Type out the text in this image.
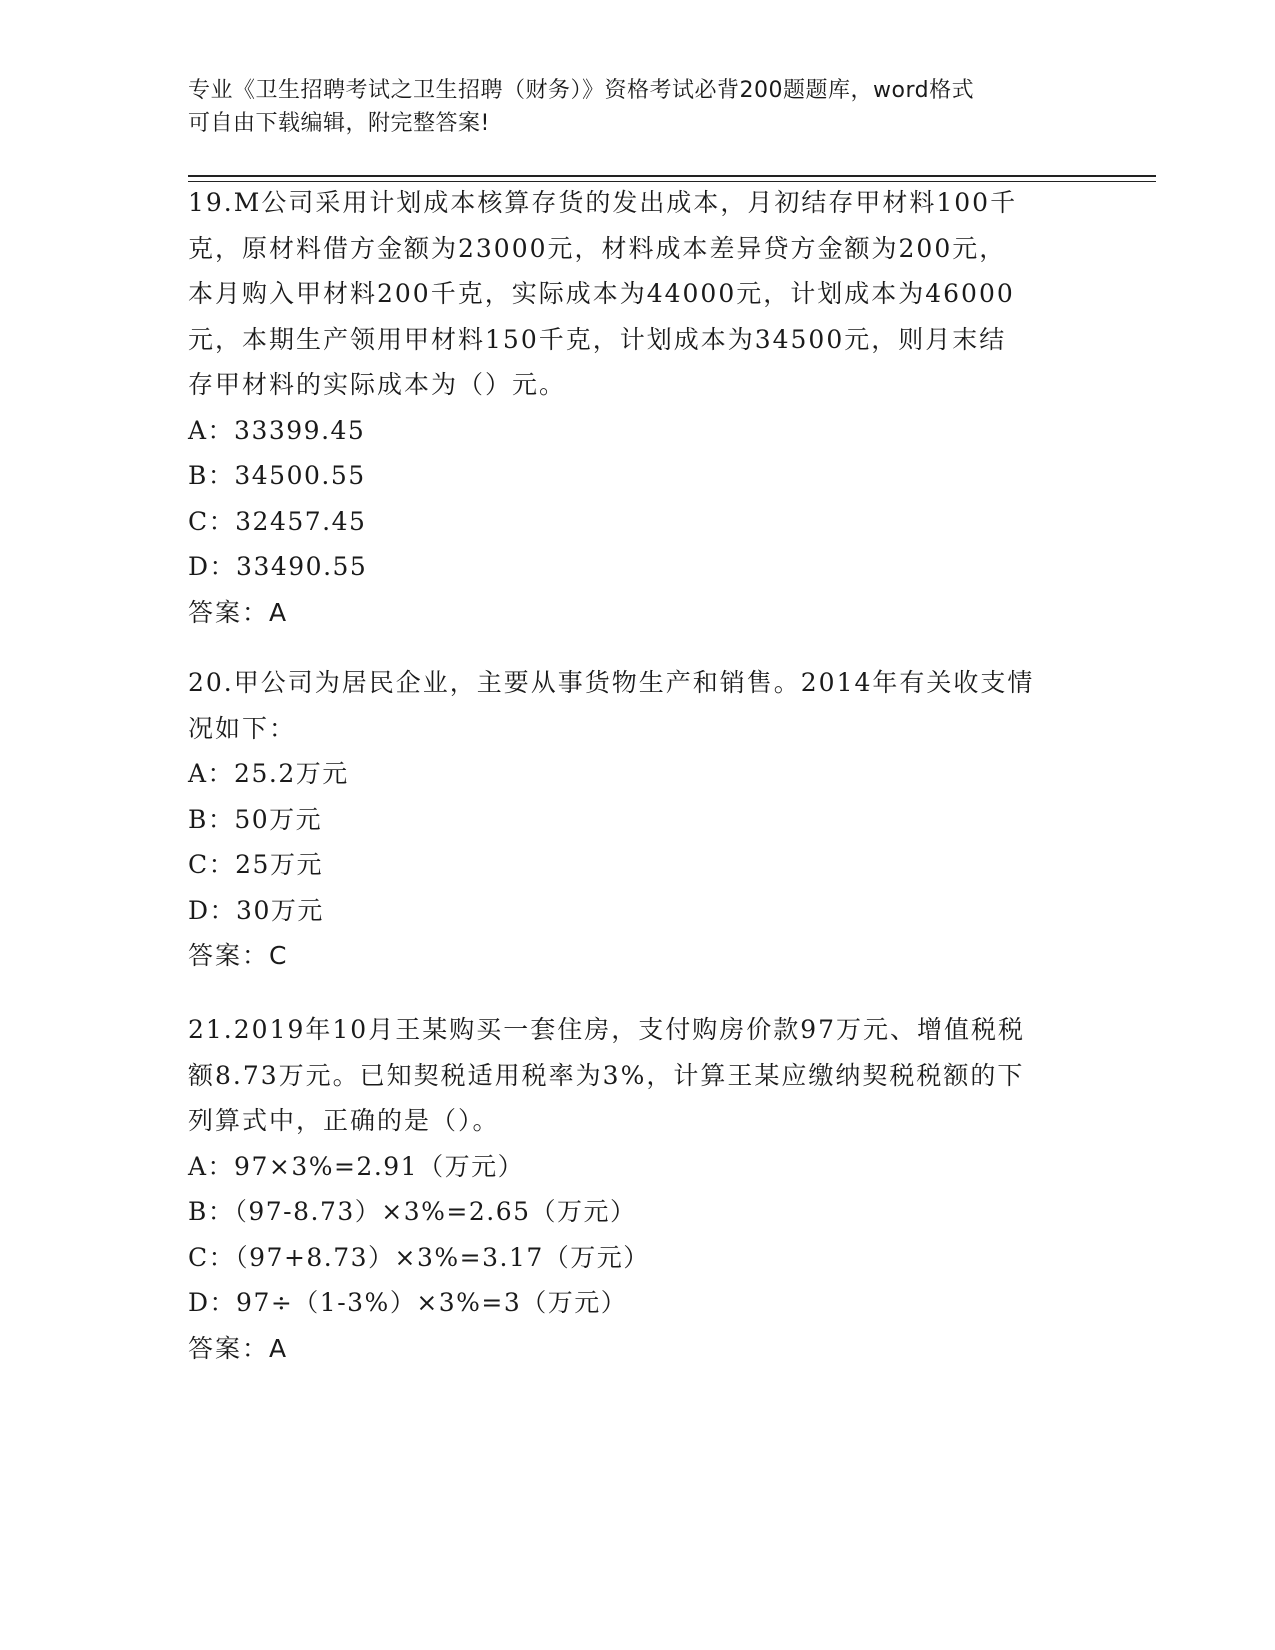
专业《卫生招聘考试之卫生招聘（财务）》资格考试必背200题题库，word格式
可自由下载编辑，附完整答案!

19.M公司采用计划成本核算存货的发出成本，月初结存甲材料100千

克，原材料借方金额为23000元，材料成本差异贷方金额为200元，

本月购入甲材料200千克，实际成本为44000元，计划成本为46000

元，本期生产领用甲材料150千克，计划成本为34500元，则月末结

存甲材料的实际成本为（）元。

A：33399.45

B：34500.55

C：32457.45

D：33490.55

答案：A

20.甲公司为居民企业，主要从事货物生产和销售。2014年有关收支情

况如下：

A：25.2万元

B：50万元

C：25万元

D：30万元

答案：C

21.2019年10月王某购买一套住房，支付购房价款97万元、增值税税

额8.73万元。已知契税适用税率为3%，计算王某应缴纳契税税额的下

列算式中，正确的是（）。

A：97×3%=2.91（万元）

B：（97-8.73）×3%=2.65（万元）

C：（97+8.73）×3%=3.17（万元）

D：97÷（1-3%）×3%=3（万元）

答案：A
